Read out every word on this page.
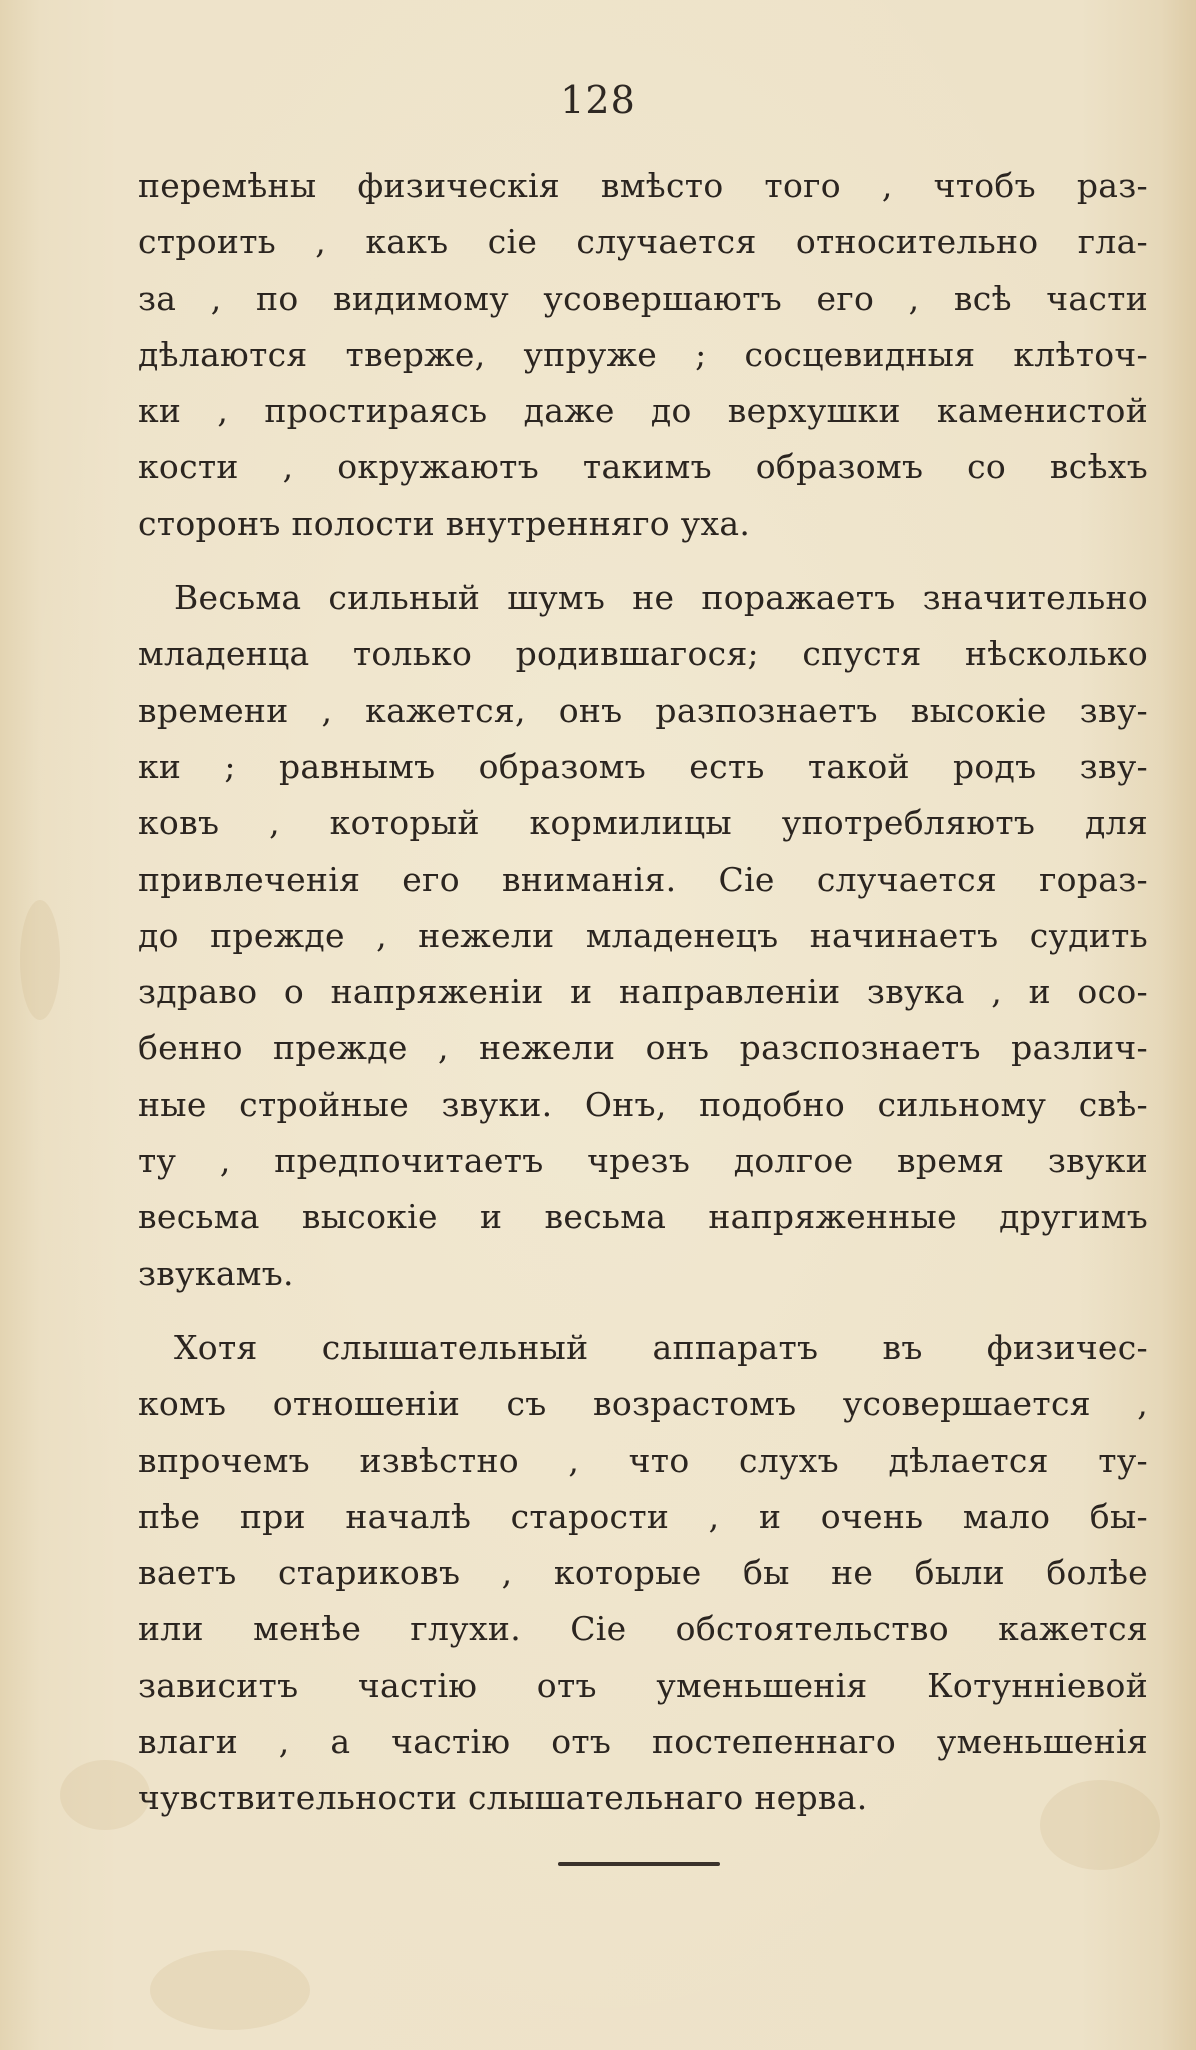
128
перемѣны физическія вмѣсто того , чтобъ раз-
строить , какъ сіе случается относительно гла-
за , по видимому усовершаютъ его , всѣ части
дѣлаются тверже, упруже ; сосцевидныя клѣточ-
ки , простираясь даже до верхушки каменистой
кости , окружаютъ такимъ образомъ со всѣхъ
сторонъ полости внутренняго уха.
Весьма сильный шумъ не поражаетъ значительно
младенца только родившагося; спустя нѣсколько
времени , кажется, онъ разпознаетъ высокіе зву-
ки ; равнымъ образомъ есть такой родъ зву-
ковъ , который кормилицы употребляютъ для
привлеченія его вниманія. Сіе случается гораз-
до прежде , нежели младенецъ начинаетъ судить
здраво о напряженіи и направленіи звука , и осо-
бенно прежде , нежели онъ разспознаетъ различ-
ные стройные звуки. Онъ, подобно сильному свѣ-
ту , предпочитаетъ чрезъ долгое время звуки
весьма высокіе и весьма напряженные другимъ
звукамъ.
Хотя слышательный аппаратъ въ физичес-
комъ отношеніи съ возрастомъ усовершается ,
впрочемъ извѣстно , что слухъ дѣлается ту-
пѣе при началѣ старости , и очень мало бы-
ваетъ стариковъ , которые бы не были болѣе
или менѣе глухи. Сіе обстоятельство кажется
зависитъ частію отъ уменьшенія Котунніевой
влаги , а частію отъ постепеннаго уменьшенія
чувствительности слышательнаго нерва.
